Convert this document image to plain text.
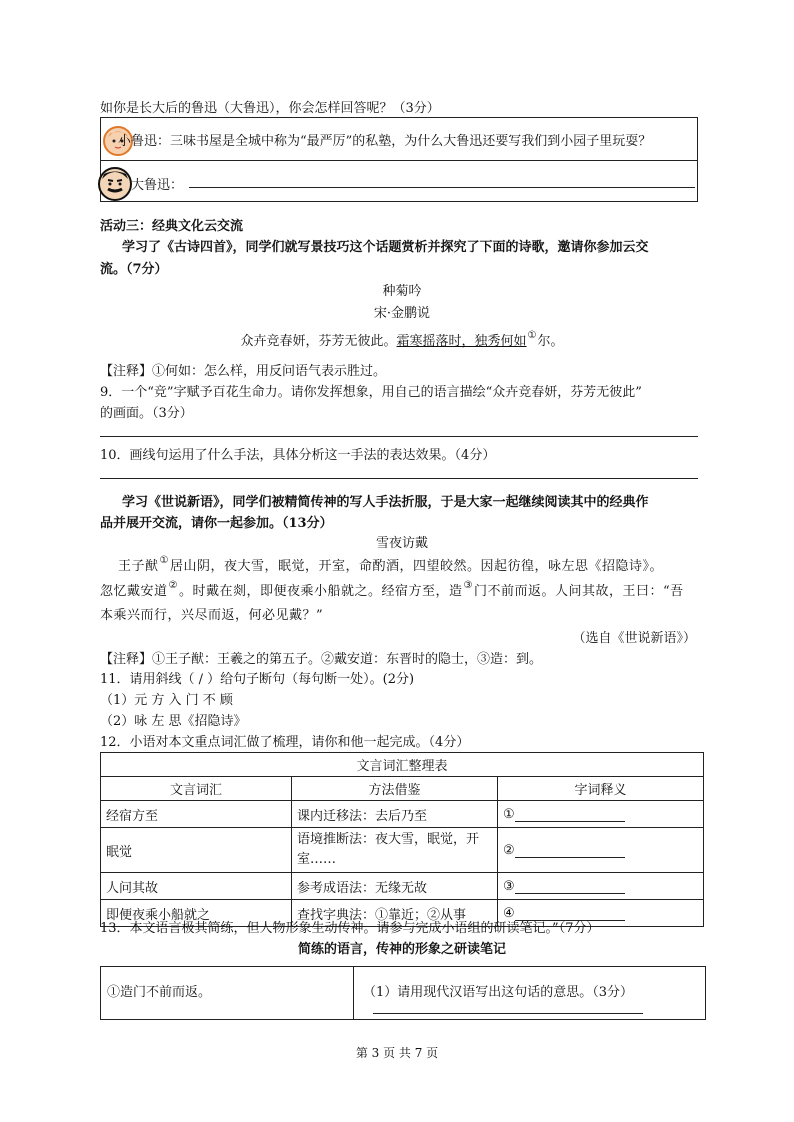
如你是长大后的鲁迅（大鲁迅），你会怎样回答呢？（3分）
小鲁迅：三味书屋是全城中称为“最严厉”的私塾，为什么大鲁迅还要写我们到小园子里玩耍？
大鲁迅：
活动三：经典文化云交流
学习了《古诗四首》，同学们就写景技巧这个话题赏析并探究了下面的诗歌，邀请你参加云交
流。（7分）
种菊吟
宋·金鹏说
众卉竞春妍，芬芳无彼此。霜寒摇落时，独秀何如①尔。
【注释】①何如：怎么样，用反问语气表示胜过。
9．一个“竞”字赋予百花生命力。请你发挥想象，用自己的语言描绘“众卉竞春妍，芬芳无彼此”
的画面。（3分）
10．画线句运用了什么手法，具体分析这一手法的表达效果。（4分）
学习《世说新语》，同学们被精简传神的写人手法折服，于是大家一起继续阅读其中的经典作
品并展开交流，请你一起参加。（13分）
雪夜访戴
王子猷①居山阴，夜大雪，眠觉，开室，命酌酒，四望皎然。因起彷徨，咏左思《招隐诗》。
忽忆戴安道②。时戴在剡，即便夜乘小船就之。经宿方至，造③门不前而返。人问其故，王曰：“吾
本乘兴而行，兴尽而返，何必见戴？”
（选自《世说新语》）
【注释】①王子猷：王羲之的第五子。②戴安道：东晋时的隐士，③造：到。
11．请用斜线（ / ）给句子断句（每句断一处）。(2分)
（1）元 方 入 门 不 顾
（2）咏 左 思《招隐诗》
12．小语对本文重点词汇做了梳理，请你和他一起完成。（4分）
文言词汇整理表		
文言词汇	方法借鉴	字词释义
经宿方至	课内迁移法：去后乃至	①
眠觉	语境推断法：夜大雪，眠觉，开室……	②
人问其故	参考成语法：无缘无故	③
即便夜乘小船就之	查找字典法：①靠近；②从事	④
13．本文语言极其简练，但人物形象生动传神。请参与完成小语组的研读笔记。”（7分）
简练的语言，传神的形象之研读笔记
①造门不前而返。	（1）请用现代汉语写出这句话的意思。（3分）
第 3 页 共 7 页
